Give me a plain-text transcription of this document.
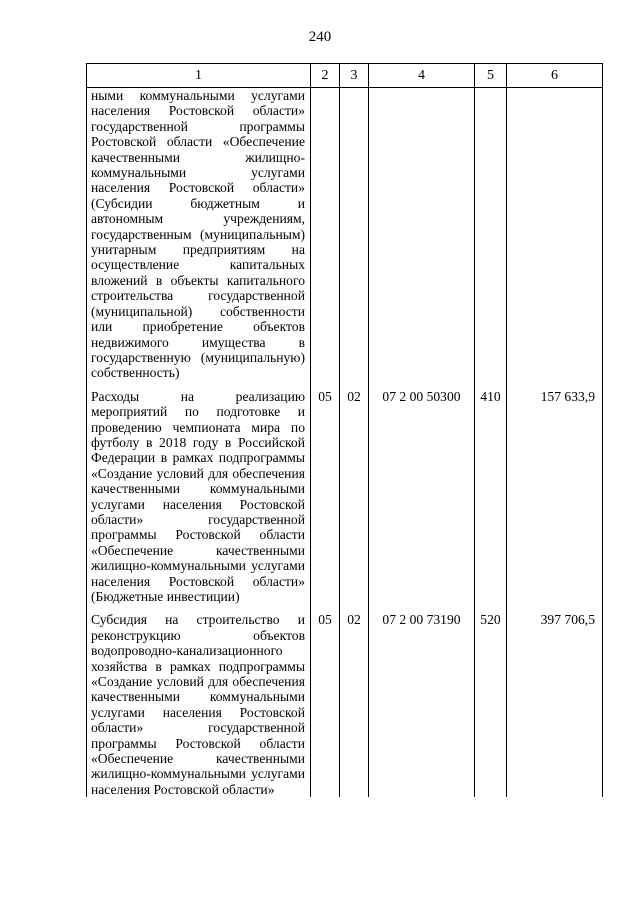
240
1	2	3	4	5	6
ными коммунальными услугами населения Ростовской области» государственной программы Ростовской области «Обеспечение качественными жилищно-коммунальными услугами населения Ростовской области» (Субсидии бюджетным и автономным учреждениям, государственным (муниципальным) унитарным предприятиям на осуществление капитальных вложений в объекты капитального строительства государственной (муниципальной) собственности или приобретение объектов недвижимого имущества в государственную (муниципальную) собственность)					
Расходы на реализацию мероприятий по подготовке и проведению чемпионата мира по футболу в 2018 году в Российской Федерации в рамках подпрограммы «Создание условий для обеспечения качественными коммунальными услугами населения Ростовской области» государственной программы Ростовской области «Обеспечение качественными жилищно-коммунальными услугами населения Ростовской области» (Бюджетные инвестиции)	05	02	07 2 00 50300	410	157 633,9
Субсидия на строительство и реконструкцию объектов водопроводно-канализационного хозяйства в рамках подпрограммы «Создание условий для обеспечения качественными коммунальными услугами населения Ростовской области» государственной программы Ростовской области «Обеспечение качественными жилищно-коммунальными услугами населения Ростовской области»	05	02	07 2 00 73190	520	397 706,5
